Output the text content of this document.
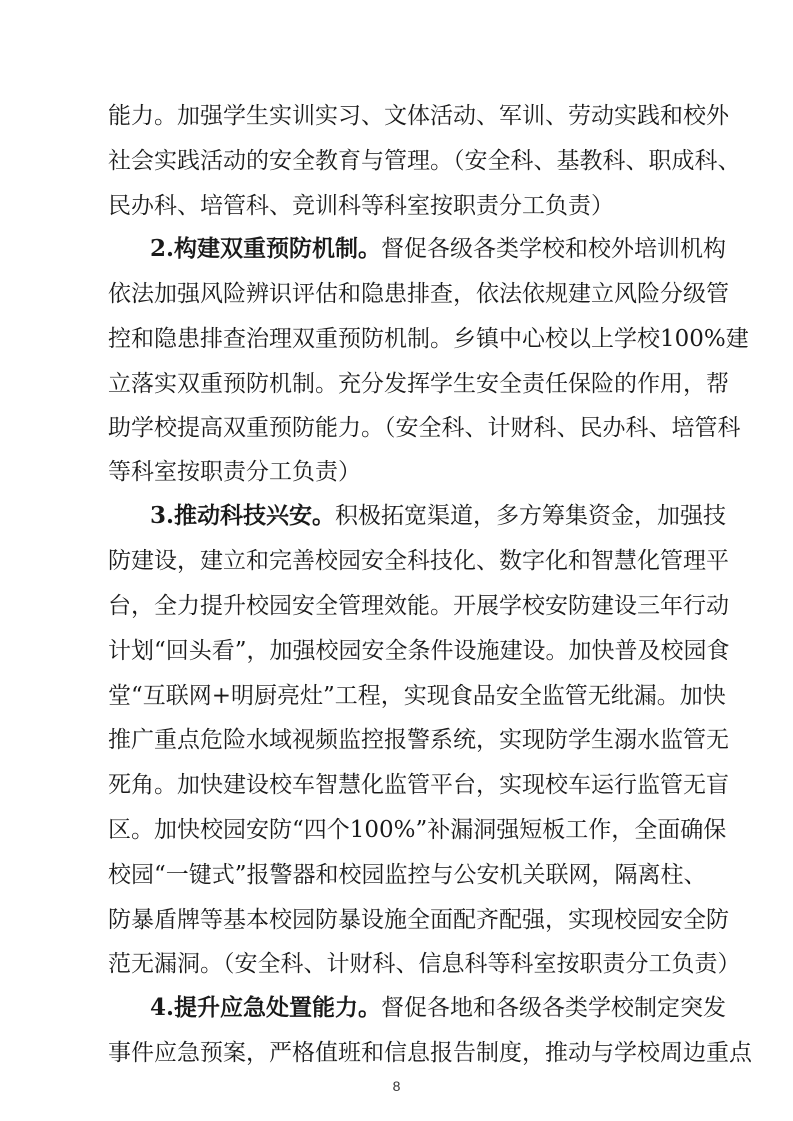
能力。加强学生实训实习、文体活动、军训、劳动实践和校外
社会实践活动的安全教育与管理。（安全科、基教科、职成科、
民办科、培管科、竞训科等科室按职责分工负责）
2.构建双重预防机制。督促各级各类学校和校外培训机构
依法加强风险辨识评估和隐患排查，依法依规建立风险分级管
控和隐患排查治理双重预防机制。乡镇中心校以上学校100%建
立落实双重预防机制。充分发挥学生安全责任保险的作用，帮
助学校提高双重预防能力。（安全科、计财科、民办科、培管科
等科室按职责分工负责）
3.推动科技兴安。积极拓宽渠道，多方筹集资金，加强技
防建设，建立和完善校园安全科技化、数字化和智慧化管理平
台，全力提升校园安全管理效能。开展学校安防建设三年行动
计划“回头看”，加强校园安全条件设施建设。加快普及校园食
堂“互联网+明厨亮灶”工程，实现食品安全监管无纰漏。加快
推广重点危险水域视频监控报警系统，实现防学生溺水监管无
死角。加快建设校车智慧化监管平台，实现校车运行监管无盲
区。加快校园安防“四个100%”补漏洞强短板工作，全面确保
校园“一键式”报警器和校园监控与公安机关联网，隔离柱、
防暴盾牌等基本校园防暴设施全面配齐配强，实现校园安全防
范无漏洞。（安全科、计财科、信息科等科室按职责分工负责）
4.提升应急处置能力。督促各地和各级各类学校制定突发
事件应急预案，严格值班和信息报告制度，推动与学校周边重点
8
